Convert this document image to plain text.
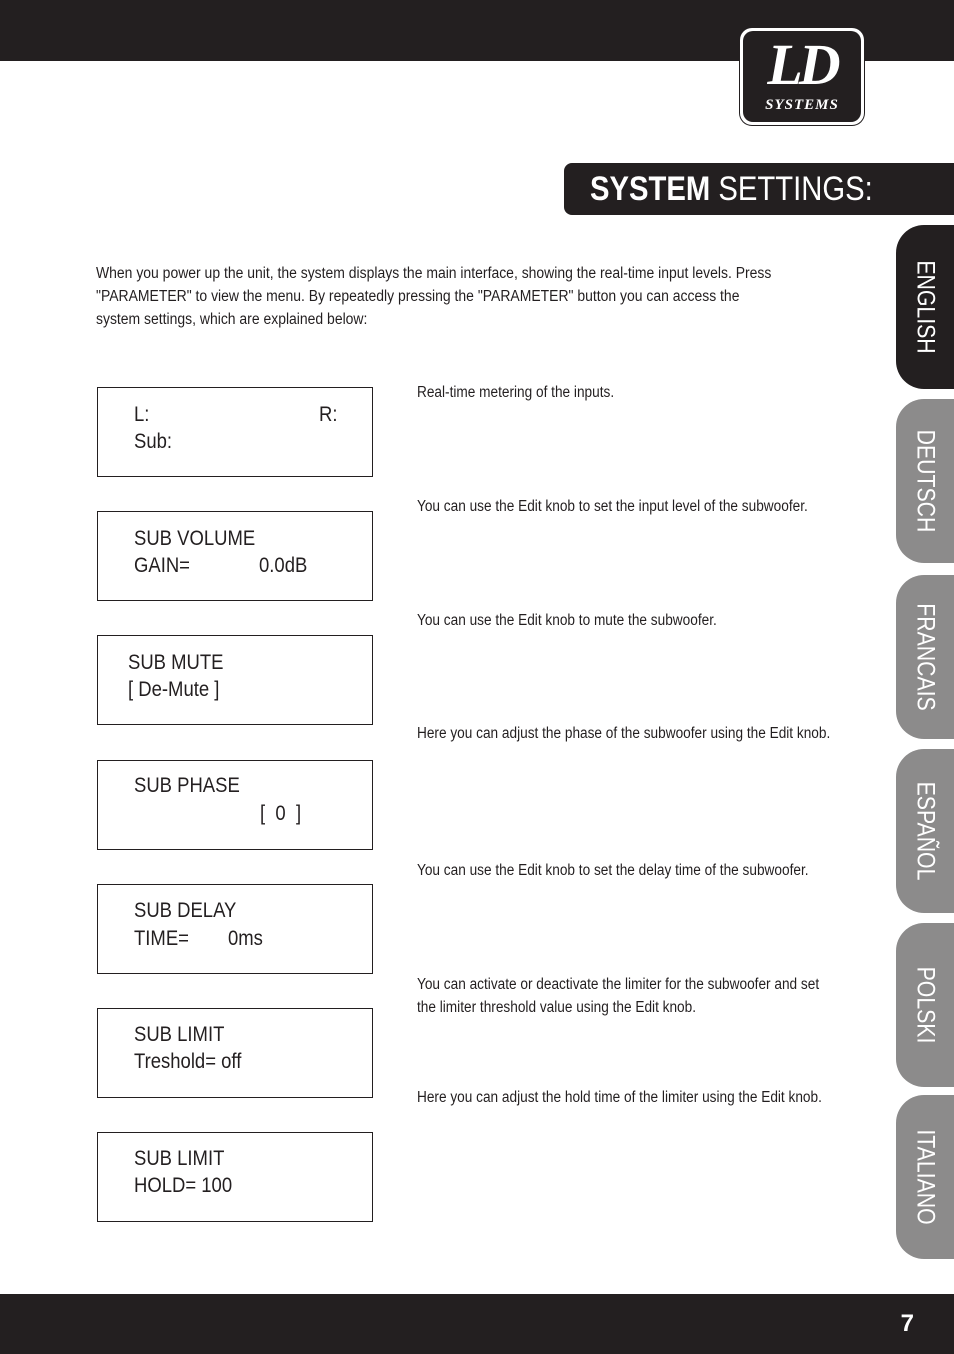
LD
SYSTEMS
SYSTEM SETTINGS:
When you power up the unit, the system displays the main interface, showing the real-time input levels. Press "PARAMETER" to view the menu. By repeatedly pressing the "PARAMETER" button you can access the system settings, which are explained below:
L:	R:
Sub:
Real-time metering of the inputs.
SUB VOLUME
GAIN=	0.0dB
You can use the Edit knob to set the input level of the subwoofer.
SUB MUTE
[ De-Mute ]
You can use the Edit knob to mute the subwoofer.
SUB PHASE
[  0  ]
Here you can adjust the phase of the subwoofer using the Edit knob.
SUB DELAY
TIME= 0ms
You can use the Edit knob to set the delay time of the subwoofer.
SUB LIMIT
Treshold= off
You can activate or deactivate the limiter for the subwoofer and set the limiter threshold value using the Edit knob.
SUB LIMIT
HOLD= 100
Here you can adjust the hold time of the limiter using the Edit knob.
ENGLISH
DEUTSCH
FRANCAIS
ESPAÑOL
POLSKI
ITALIANO
7
